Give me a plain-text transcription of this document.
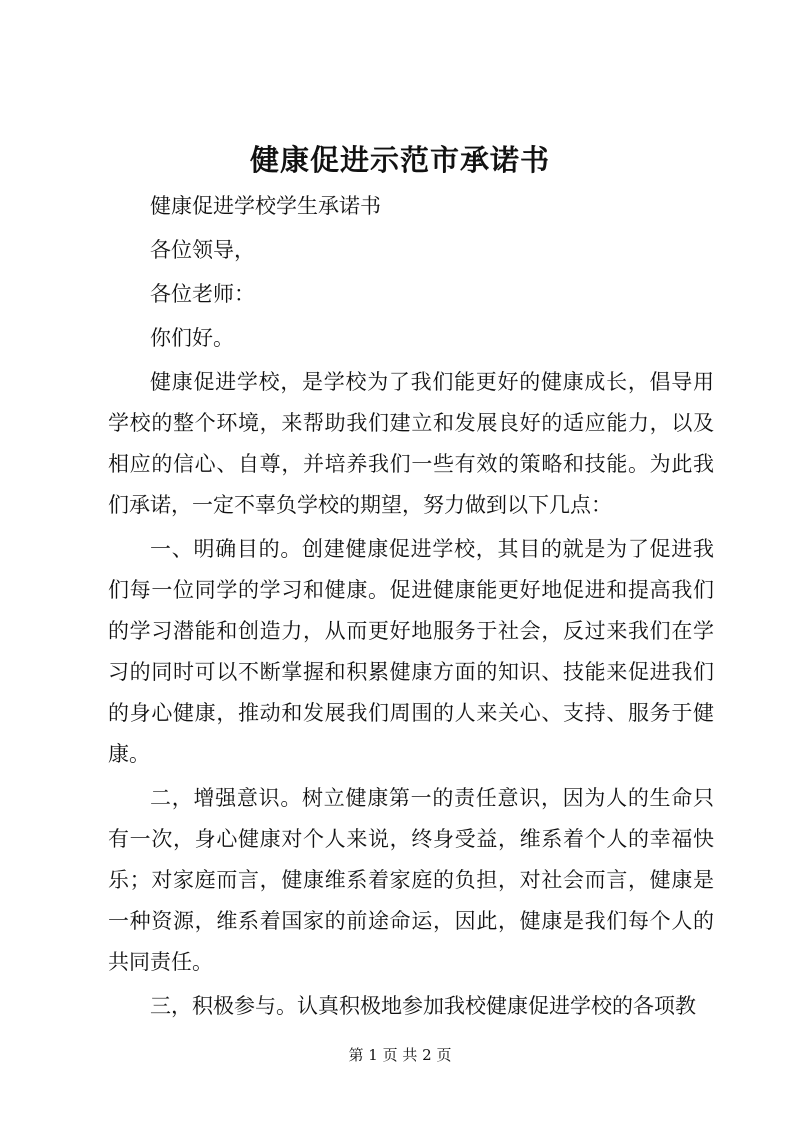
健康促进示范市承诺书

健康促进学校学生承诺书

各位领导，

各位老师：

你们好。

健康促进学校，是学校为了我们能更好的健康成长，倡导用学校的整个环境，来帮助我们建立和发展良好的适应能力，以及相应的信心、自尊，并培养我们一些有效的策略和技能。为此我们承诺，一定不辜负学校的期望，努力做到以下几点：

一、明确目的。创建健康促进学校，其目的就是为了促进我们每一位同学的学习和健康。促进健康能更好地促进和提高我们的学习潜能和创造力，从而更好地服务于社会，反过来我们在学习的同时可以不断掌握和积累健康方面的知识、技能来促进我们的身心健康，推动和发展我们周围的人来关心、支持、服务于健康。

二，增强意识。树立健康第一的责任意识，因为人的生命只有一次，身心健康对个人来说，终身受益，维系着个人的幸福快乐；对家庭而言，健康维系着家庭的负担，对社会而言，健康是一种资源，维系着国家的前途命运，因此，健康是我们每个人的共同责任。

三，积极参与。认真积极地参加我校健康促进学校的各项教

第 1 页 共 2 页
